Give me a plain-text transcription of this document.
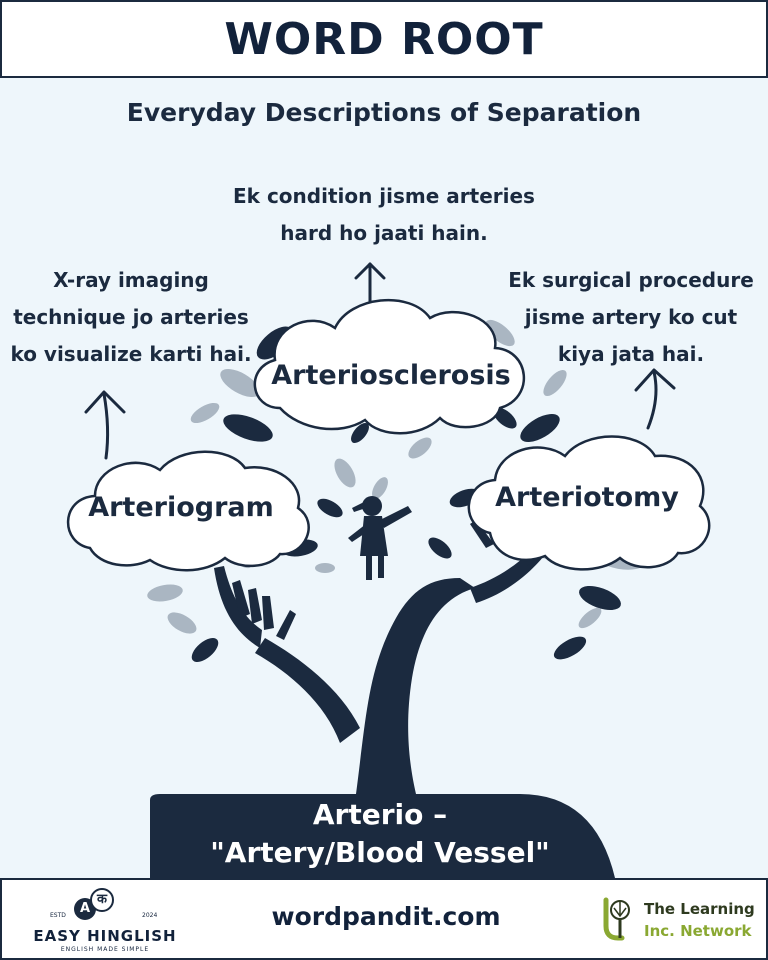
WORD ROOT
Everyday Descriptions of Separation
Ek condition jisme arteries
hard ho jaati hain.
X-ray imaging
technique jo arteries
ko visualize karti hai.
Ek surgical procedure
jisme artery ko cut
kiya jata hai.
Arteriosclerosis
Arteriogram	Arteriotomy
Arterio –
"Artery/Blood Vessel"
ESTD	A
क
2024
EASY HINGLISH
ENGLISH MADE SIMPLE
wordpandit.com	The Learning
Inc. Network
